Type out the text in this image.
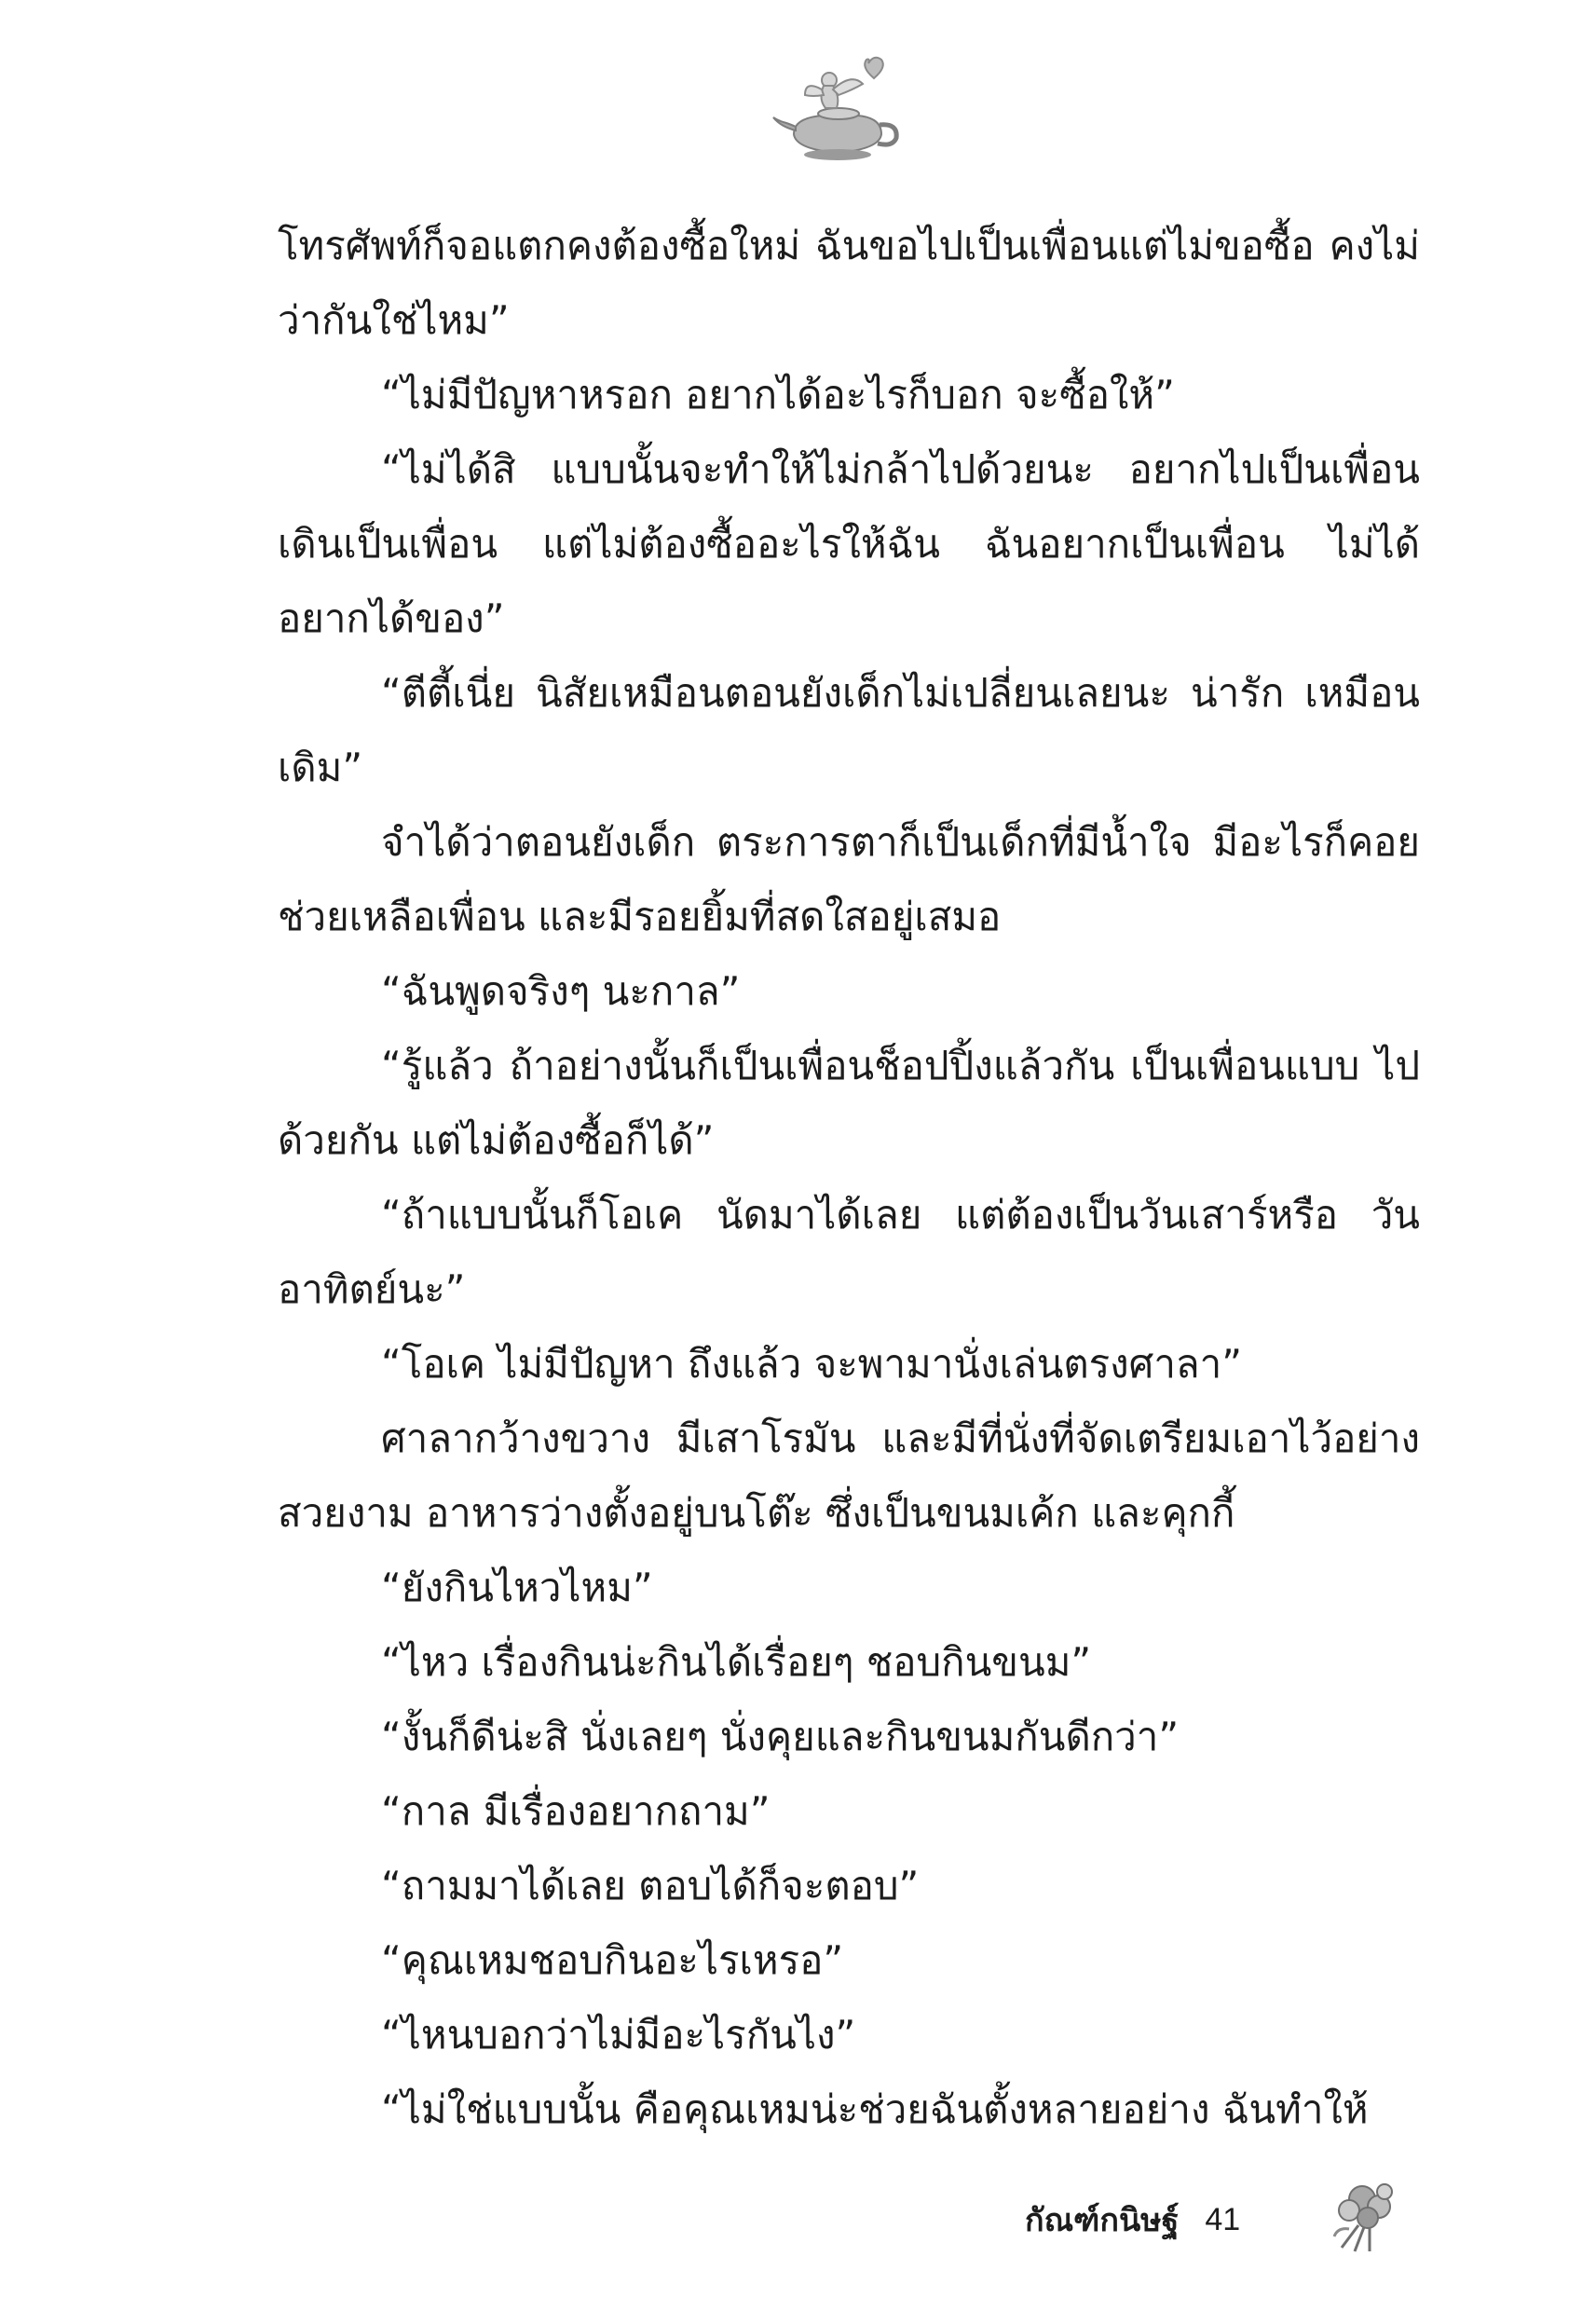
โทรศัพท์ก็จอแตกคงต้องซื้อใหม่ ฉันขอไปเป็นเพื่อนแต่ไม่ขอซื้อ คงไม่ว่ากันใช่ไหม”

“ไม่มีปัญหาหรอก อยากได้อะไรก็บอก จะซื้อให้”

“ไม่ได้สิ แบบนั้นจะทำให้ไม่กล้าไปด้วยนะ อยากไปเป็นเพื่อน เดินเป็นเพื่อน แต่ไม่ต้องซื้ออะไรให้ฉัน ฉันอยากเป็นเพื่อน ไม่ได้ อยากได้ของ”

“ตีตี้เนี่ย นิสัยเหมือนตอนยังเด็กไม่เปลี่ยนเลยนะ น่ารัก เหมือนเดิม”

จำได้ว่าตอนยังเด็ก ตระการตาก็เป็นเด็กที่มีน้ำใจ มีอะไรก็คอย ช่วยเหลือเพื่อน และมีรอยยิ้มที่สดใสอยู่เสมอ

“ฉันพูดจริงๆ นะกาล”

“รู้แล้ว ถ้าอย่างนั้นก็เป็นเพื่อนช็อปปิ้งแล้วกัน เป็นเพื่อนแบบ ไปด้วยกัน แต่ไม่ต้องซื้อก็ได้”

“ถ้าแบบนั้นก็โอเค นัดมาได้เลย แต่ต้องเป็นวันเสาร์หรือ วันอาทิตย์นะ”

“โอเค ไม่มีปัญหา ถึงแล้ว จะพามานั่งเล่นตรงศาลา”

ศาลากว้างขวาง มีเสาโรมัน และมีที่นั่งที่จัดเตรียมเอาไว้อย่าง สวยงาม อาหารว่างตั้งอยู่บนโต๊ะ ซึ่งเป็นขนมเค้ก และคุกกี้

“ยังกินไหวไหม”

“ไหว เรื่องกินน่ะกินได้เรื่อยๆ ชอบกินขนม”

“งั้นก็ดีน่ะสิ นั่งเลยๆ นั่งคุยและกินขนมกันดีกว่า”

“กาล มีเรื่องอยากถาม”

“ถามมาได้เลย ตอบได้ก็จะตอบ”

“คุณเหมชอบกินอะไรเหรอ”

“ไหนบอกว่าไม่มีอะไรกันไง”

“ไม่ใช่แบบนั้น คือคุณเหมน่ะช่วยฉันตั้งหลายอย่าง ฉันทำให้

กัณฑ์กนิษฐ์ 41
